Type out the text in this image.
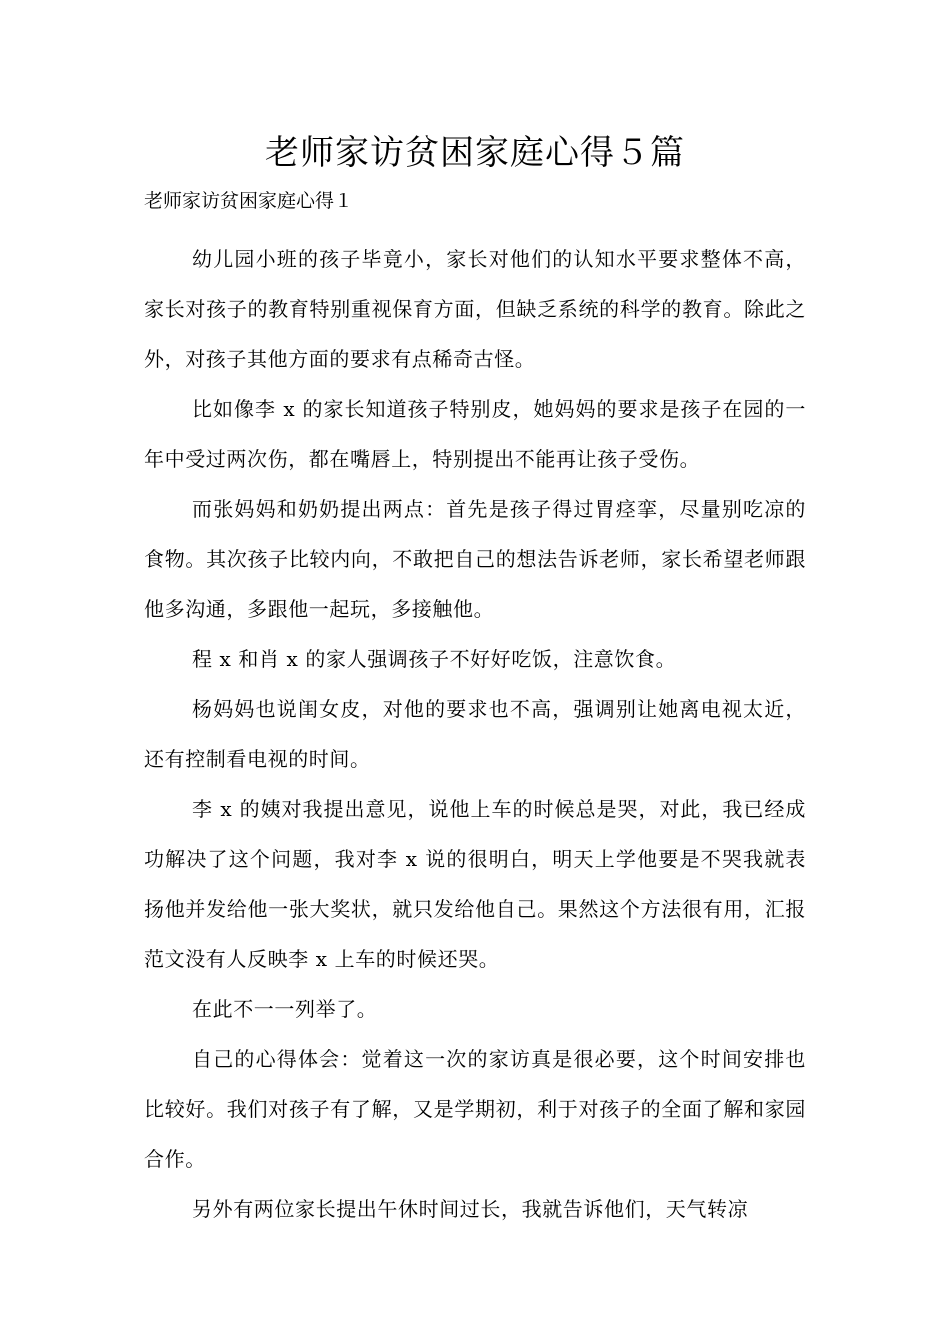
老师家访贫困家庭心得５篇

老师家访贫困家庭心得１

幼儿园小班的孩子毕竟小，家长对他们的认知水平要求整体不高，家长对孩子的教育特别重视保育方面，但缺乏系统的科学的教育。除此之外，对孩子其他方面的要求有点稀奇古怪。

比如像李 x 的家长知道孩子特别皮，她妈妈的要求是孩子在园的一年中受过两次伤，都在嘴唇上，特别提出不能再让孩子受伤。

而张妈妈和奶奶提出两点：首先是孩子得过胃痉挛，尽量别吃凉的食物。其次孩子比较内向，不敢把自己的想法告诉老师，家长希望老师跟他多沟通，多跟他一起玩，多接触他。

程 x 和肖 x 的家人强调孩子不好好吃饭，注意饮食。

杨妈妈也说闺女皮，对他的要求也不高，强调别让她离电视太近，还有控制看电视的时间。

李 x 的姨对我提出意见，说他上车的时候总是哭，对此，我已经成功解决了这个问题，我对李 x 说的很明白，明天上学他要是不哭我就表扬他并发给他一张大奖状，就只发给他自己。果然这个方法很有用，汇报范文没有人反映李 x 上车的时候还哭。

在此不一一列举了。

自己的心得体会：觉着这一次的家访真是很必要，这个时间安排也比较好。我们对孩子有了解，又是学期初，利于对孩子的全面了解和家园合作。

另外有两位家长提出午休时间过长，我就告诉他们，天气转凉
